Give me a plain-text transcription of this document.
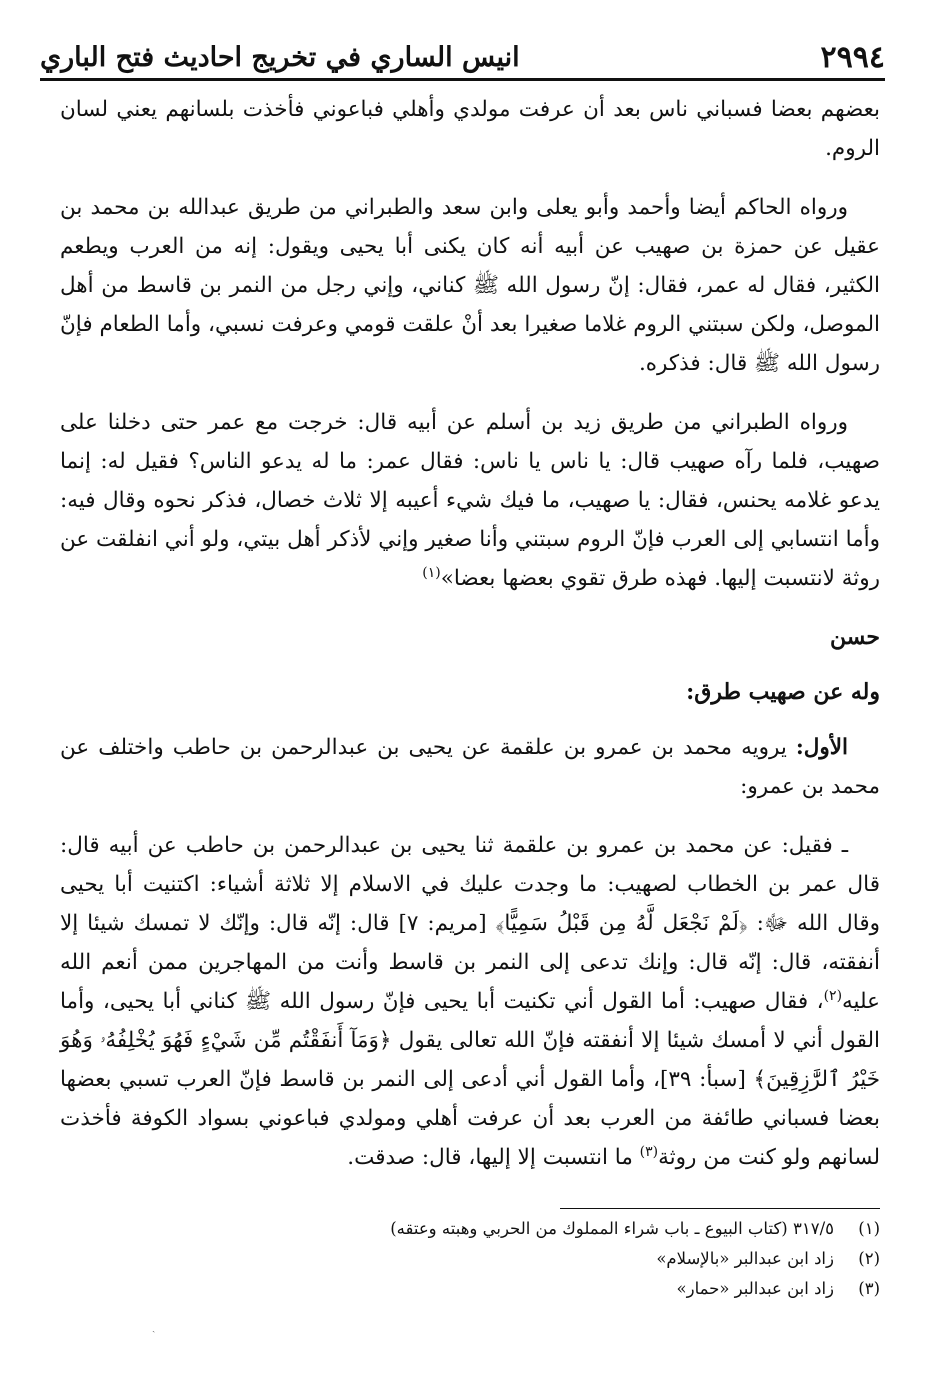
٢٩٩٤
انيس الساري في تخريج احاديث فتح الباري

بعضهم بعضا فسباني ناس بعد أن عرفت مولدي وأهلي فباعوني فأخذت بلسانهم يعني لسان الروم.

ورواه الحاكم أيضا وأحمد وأبو يعلى وابن سعد والطبراني من طريق عبدالله بن محمد بن عقيل عن حمزة بن صهيب عن أبيه أنه كان يكنى أبا يحيى ويقول: إنه من العرب ويطعم الكثير، فقال له عمر، فقال: إنّ رسول الله ﷺ كناني، وإني رجل من النمر بن قاسط من أهل الموصل، ولكن سبتني الروم غلاما صغيرا بعد أنْ علقت قومي وعرفت نسبي، وأما الطعام فإنّ رسول الله ﷺ قال: فذكره.

ورواه الطبراني من طريق زيد بن أسلم عن أبيه قال: خرجت مع عمر حتى دخلنا على صهيب، فلما رآه صهيب قال: يا ناس يا ناس: فقال عمر: ما له يدعو الناس؟ فقيل له: إنما يدعو غلامه يحنس، فقال: يا صهيب، ما فيك شيء أعيبه إلا ثلاث خصال، فذكر نحوه وقال فيه: وأما انتسابي إلى العرب فإنّ الروم سبتني وأنا صغير وإني لأذكر أهل بيتي، ولو أني انفلقت عن روثة لانتسبت إليها. فهذه طرق تقوي بعضها بعضا»$^{(١)}$

حسن
وله عن صهيب طرق:

الأول: يرويه محمد بن عمرو بن علقمة عن يحيى بن عبدالرحمن بن حاطب واختلف عن محمد بن عمرو:

ـ فقيل: عن محمد بن عمرو بن علقمة ثنا يحيى بن عبدالرحمن بن حاطب عن أبيه قال: قال عمر بن الخطاب لصهيب: ما وجدت عليك في الاسلام إلا ثلاثة أشياء: اكتنيت أبا يحيى وقال الله ﷻ: ﴿لَمْ نَجْعَل لَّهُ مِن قَبْلُ سَمِيًّا﴾ [مريم: ٧] قال: إنّه قال: وإنّك لا تمسك شيئا إلا أنفقته، قال: إنّه قال: وإنك تدعى إلى النمر بن قاسط وأنت من المهاجرين ممن أنعم الله عليه$^{(٢)}$، فقال صهيب: أما القول أني تكنيت أبا يحيى فإنّ رسول الله ﷺ كناني أبا يحيى، وأما القول أني لا أمسك شيئا إلا أنفقته فإنّ الله تعالى يقول ﴿وَمَآ أَنفَقْتُم مِّن شَيْءٍ فَهُوَ يُخْلِفُهُۥ وَهُوَ خَيْرُ ٱلرَّٰزِقِينَ﴾ [سبأ: ٣٩]، وأما القول أني أدعى إلى النمر بن قاسط فإنّ العرب تسبي بعضها بعضا فسباني طائفة من العرب بعد أن عرفت أهلي ومولدي فباعوني بسواد الكوفة فأخذت لسانهم ولو كنت من روثة$^{(٣)}$ ما انتسبت إلا إليها، قال: صدقت.

(١)
٣١٧/٥ (كتاب البيوع ـ باب شراء المملوك من الحربي وهبته وعتقه)
(٢)
زاد ابن عبدالبر «بالإسلام»
(٣)
زاد ابن عبدالبر «حمار»
ˏ
